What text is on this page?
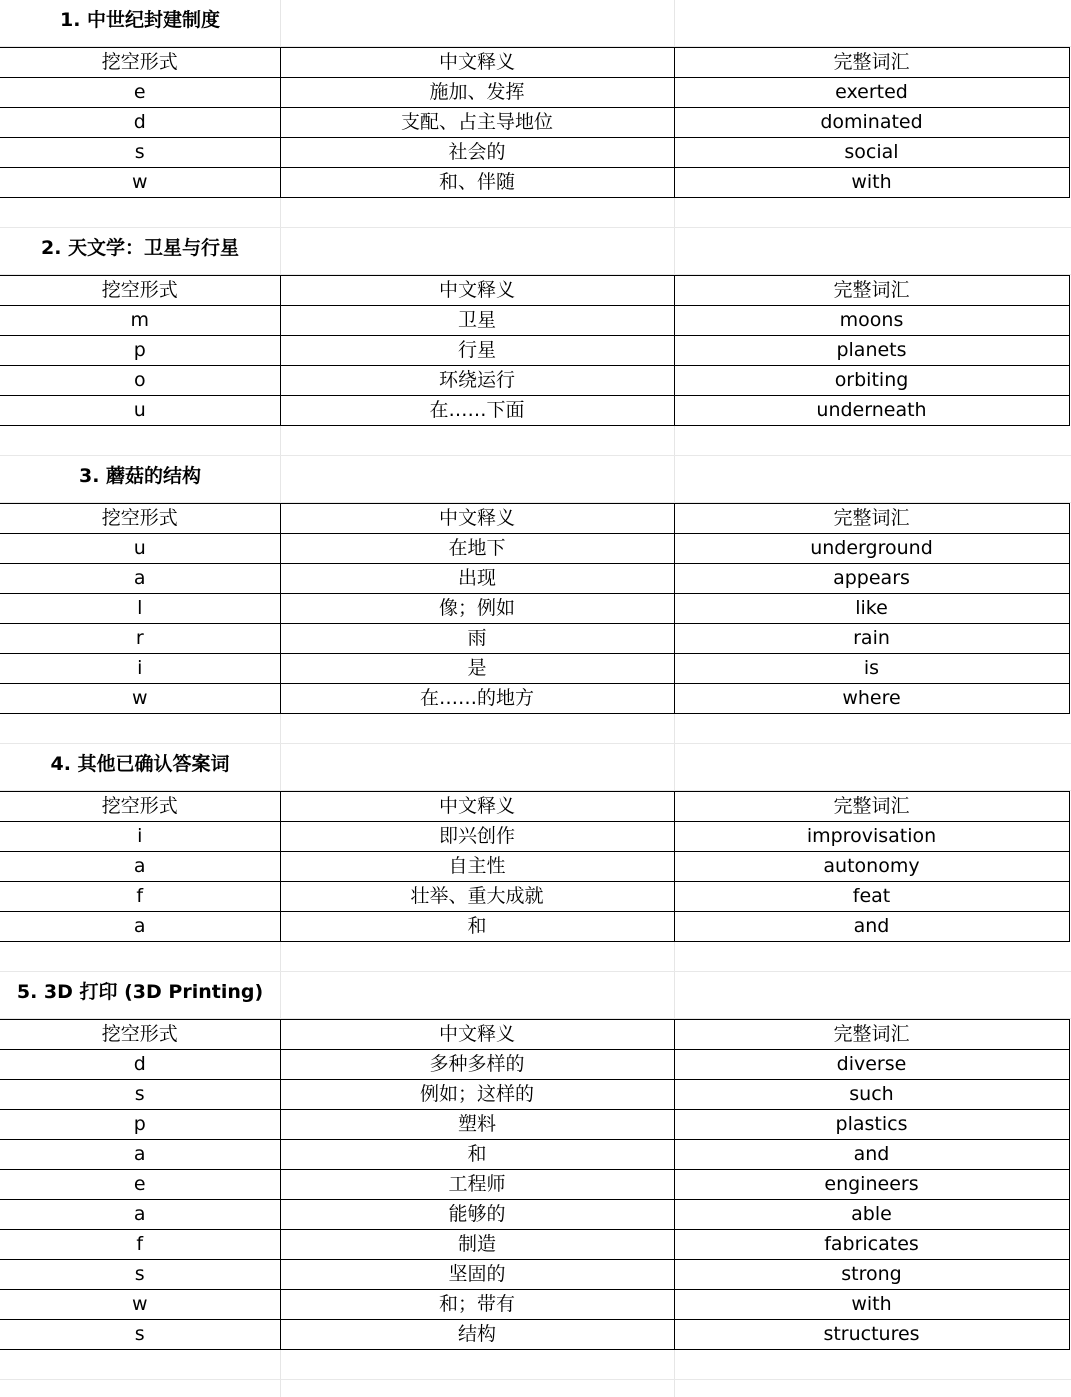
1. 中世纪封建制度
挖空形式	中文释义	完整词汇
e	施加、发挥	exerted
d	支配、占主导地位	dominated
s	社会的	social
w	和、伴随	with
2. 天文学：卫星与行星
挖空形式	中文释义	完整词汇
m	卫星	moons
p	行星	planets
o	环绕运行	orbiting
u	在……下面	underneath
3. 蘑菇的结构
挖空形式	中文释义	完整词汇
u	在地下	underground
a	出现	appears
l	像；例如	like
r	雨	rain
i	是	is
w	在……的地方	where
4. 其他已确认答案词
挖空形式	中文释义	完整词汇
i	即兴创作	improvisation
a	自主性	autonomy
f	壮举、重大成就	feat
a	和	and
5. 3D 打印 (3D Printing)
挖空形式	中文释义	完整词汇
d	多种多样的	diverse
s	例如；这样的	such
p	塑料	plastics
a	和	and
e	工程师	engineers
a	能够的	able
f	制造	fabricates
s	坚固的	strong
w	和；带有	with
s	结构	structures
